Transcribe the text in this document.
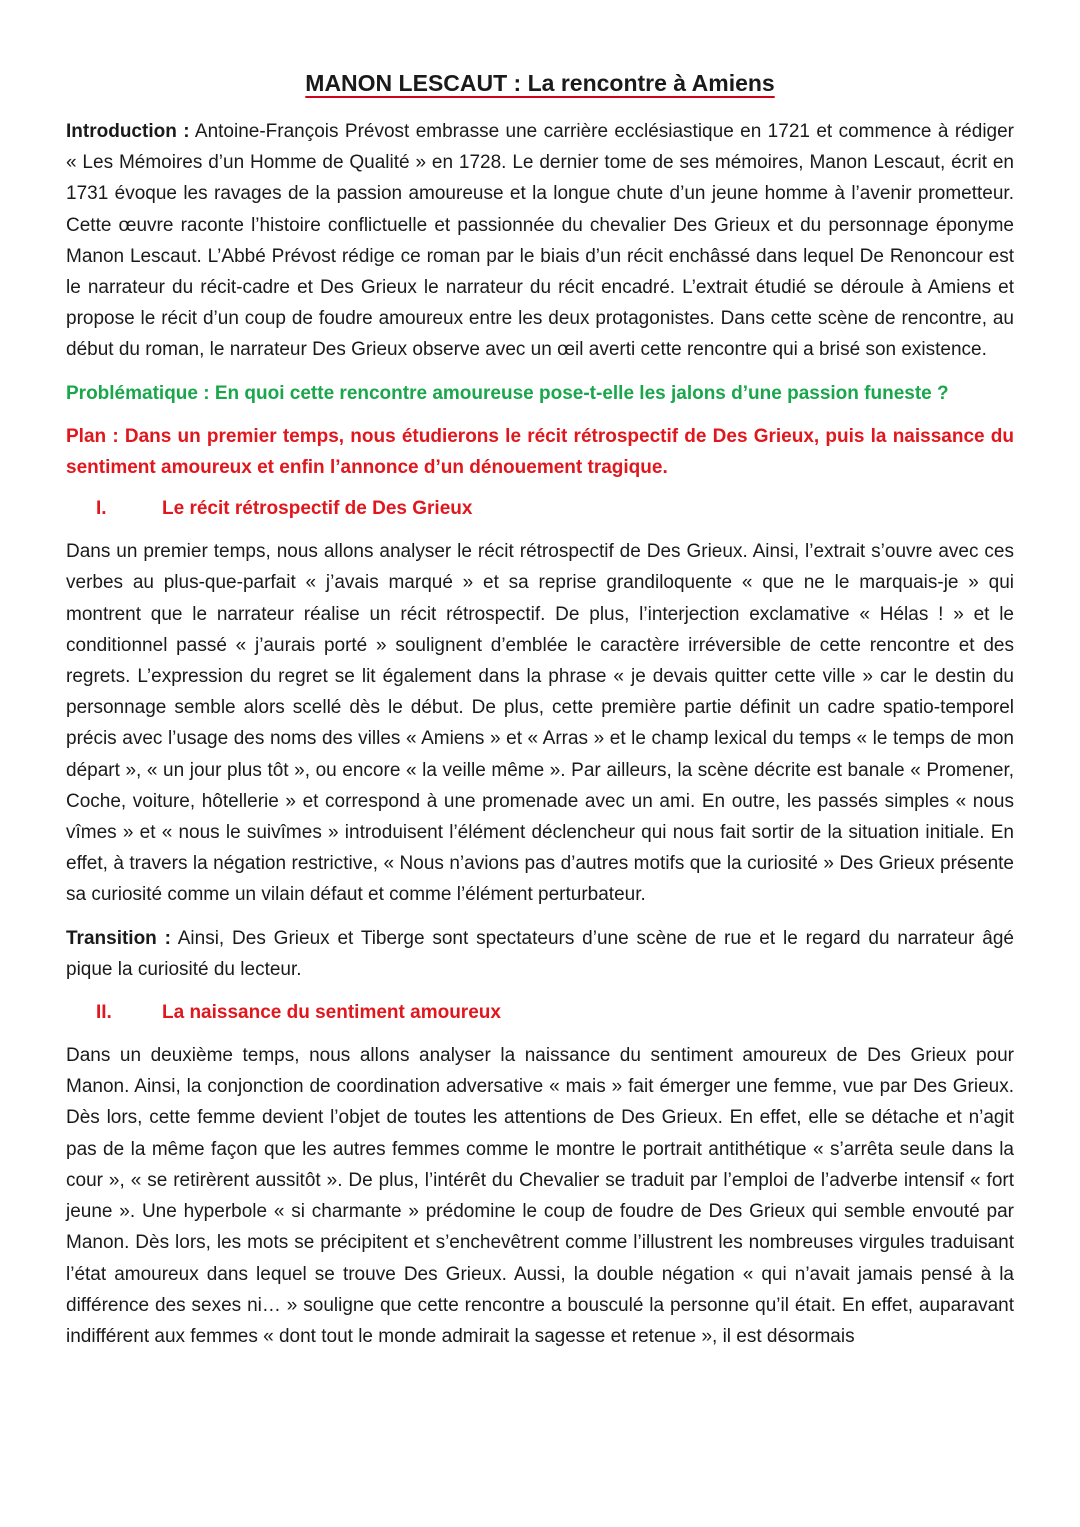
MANON LESCAUT : La rencontre à Amiens

Introduction : Antoine-François Prévost embrasse une carrière ecclésiastique en 1721 et commence à rédiger « Les Mémoires d’un Homme de Qualité » en 1728. Le dernier tome de ses mémoires, Manon Lescaut, écrit en 1731 évoque les ravages de la passion amoureuse et la longue chute d’un jeune homme à l’avenir prometteur. Cette œuvre raconte l’histoire conflictuelle et passionnée du chevalier Des Grieux et du personnage éponyme Manon Lescaut. L’Abbé Prévost rédige ce roman par le biais d’un récit enchâssé dans lequel De Renoncour est le narrateur du récit-cadre et Des Grieux le narrateur du récit encadré. L’extrait étudié se déroule à Amiens et propose le récit d’un coup de foudre amoureux entre les deux protagonistes. Dans cette scène de rencontre, au début du roman, le narrateur Des Grieux observe avec un œil averti cette rencontre qui a brisé son existence.

Problématique : En quoi cette rencontre amoureuse pose-t-elle les jalons d’une passion funeste ?

Plan : Dans un premier temps, nous étudierons le récit rétrospectif de Des Grieux, puis la naissance du sentiment amoureux et enfin l’annonce d’un dénouement tragique.

I.	Le récit rétrospectif de Des Grieux

Dans un premier temps, nous allons analyser le récit rétrospectif de Des Grieux. Ainsi, l’extrait s’ouvre avec ces verbes au plus-que-parfait « j’avais marqué » et sa reprise grandiloquente « que ne le marquais-je » qui montrent que le narrateur réalise un récit rétrospectif. De plus, l’interjection exclamative « Hélas ! » et le conditionnel passé « j’aurais porté » soulignent d’emblée le caractère irréversible de cette rencontre et des regrets. L’expression du regret se lit également dans la phrase « je devais quitter cette ville » car le destin du personnage semble alors scellé dès le début. De plus, cette première partie définit un cadre spatio-temporel précis avec l’usage des noms des villes « Amiens » et « Arras » et le champ lexical du temps « le temps de mon départ », « un jour plus tôt », ou encore « la veille même ». Par ailleurs, la scène décrite est banale « Promener, Coche, voiture, hôtellerie » et correspond à une promenade avec un ami. En outre, les passés simples « nous vîmes » et « nous le suivîmes » introduisent l’élément déclencheur qui nous fait sortir de la situation initiale. En effet, à travers la négation restrictive, « Nous n’avions pas d’autres motifs que la curiosité » Des Grieux présente sa curiosité comme un vilain défaut et comme l’élément perturbateur.

Transition : Ainsi, Des Grieux et Tiberge sont spectateurs d’une scène de rue et le regard du narrateur âgé pique la curiosité du lecteur.

II.	La naissance du sentiment amoureux

Dans un deuxième temps, nous allons analyser la naissance du sentiment amoureux de Des Grieux pour Manon. Ainsi, la conjonction de coordination adversative « mais » fait émerger une femme, vue par Des Grieux. Dès lors, cette femme devient l’objet de toutes les attentions de Des Grieux. En effet, elle se détache et n’agit pas de la même façon que les autres femmes comme le montre le portrait antithétique « s’arrêta seule dans la cour », « se retirèrent aussitôt ». De plus, l’intérêt du Chevalier se traduit par l’emploi de l’adverbe intensif « fort jeune ». Une hyperbole « si charmante » prédomine le coup de foudre de Des Grieux qui semble envouté par Manon. Dès lors, les mots se précipitent et s’enchevêtrent comme l’illustrent les nombreuses virgules traduisant l’état amoureux dans lequel se trouve Des Grieux. Aussi, la double négation « qui n’avait jamais pensé à la différence des sexes ni… » souligne que cette rencontre a bousculé la personne qu’il était. En effet, auparavant indifférent aux femmes « dont tout le monde admirait la sagesse et retenue », il est désormais
